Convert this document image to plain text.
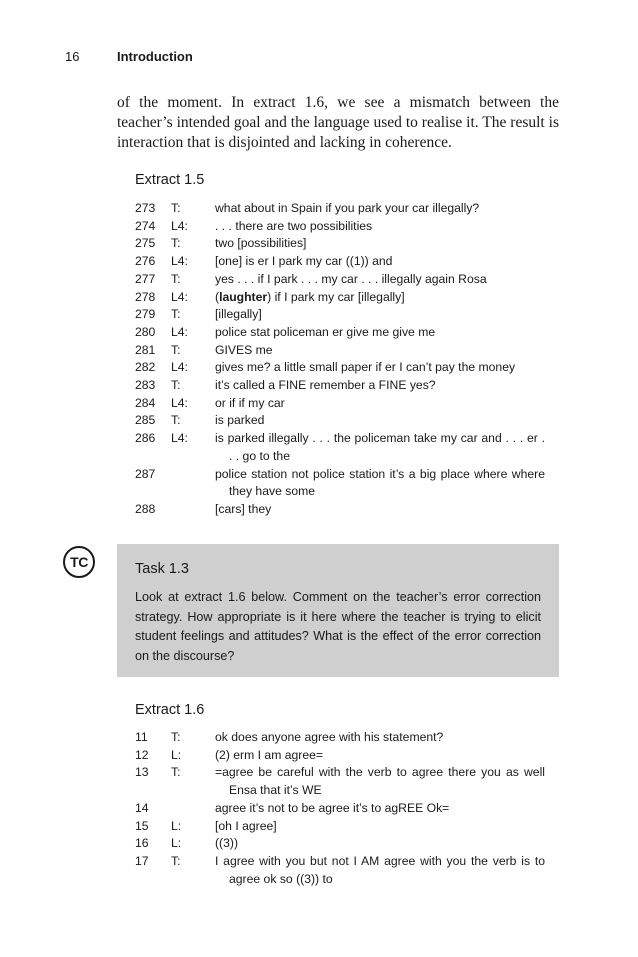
16	Introduction

of the moment. In extract 1.6, we see a mismatch between the teacher’s intended goal and the language used to realise it. The result is interaction that is disjointed and lacking in coherence.

Extract 1.5
273 T:	what about in Spain if you park your car illegally?
274 L4: . . . there are two possibilities
275 T:	two [possibilities]
276 L4: [one] is er I park my car ((1)) and
277 T:	yes . . . if I park . . . my car . . . illegally again Rosa
278 L4: (laughter) if I park my car [illegally]
279 T:	[illegally]
280 L4: police stat policeman er give me give me
281 T:	GIVES me
282 L4: gives me? a little small paper if er I can’t pay the money
283 T:	it’s called a FINE remember a FINE yes?
284 L4: or if if my car
285 T:	is parked
286 L4: is parked illegally . . . the policeman take my car and . . . er . . . go to the
287	police station not police station it’s a big place where where they have some
288	[cars] they
TC	Task 1.3

Look at extract 1.6 below. Comment on the teacher’s error correction strategy. How appropriate is it here where the teacher is trying to elicit student feelings and attitudes? What is the effect of the error correction on the discourse?

Extract 1.6
11 T:	ok does anyone agree with his statement?
12 L:	(2) erm I am agree=
13 T:	=agree be careful with the verb to agree there you as well Ensa that it’s WE
14	agree it’s not to be agree it’s to agREE Ok=
15 L:	[oh I agree]
16 L:	((3))
17 T:	I agree with you but not I AM agree with you the verb is to agree ok so ((3)) to
